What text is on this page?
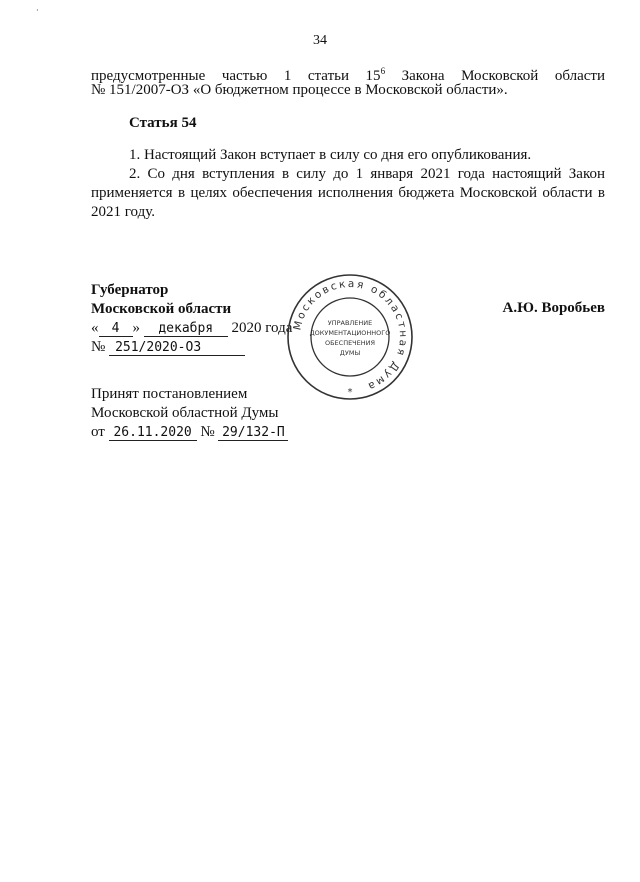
·
34
предусмотренные частью 1 статьи $15^6$ Закона Московской области
№ 151/2007-ОЗ «О бюджетном процессе в Московской области».
Статья 54
1. Настоящий Закон вступает в силу со дня его опубликования.
2. Со дня вступления в силу до 1 января 2021 года настоящий Закон применяется в целях обеспечения исполнения бюджета Московской области в 2021 году.
Губернатор
Московской области	А.Ю. Воробьев
« 4 » декабря 2020 года
№ 251/2020-ОЗ
Принят постановлением
Московской областной Думы
от 26.11.2020 № 29/132-П
Московская областная Дума
УПРАВЛЕНИЕ
ДОКУМЕНТАЦИОННОГО
ОБЕСПЕЧЕНИЯ
ДУМЫ
*
